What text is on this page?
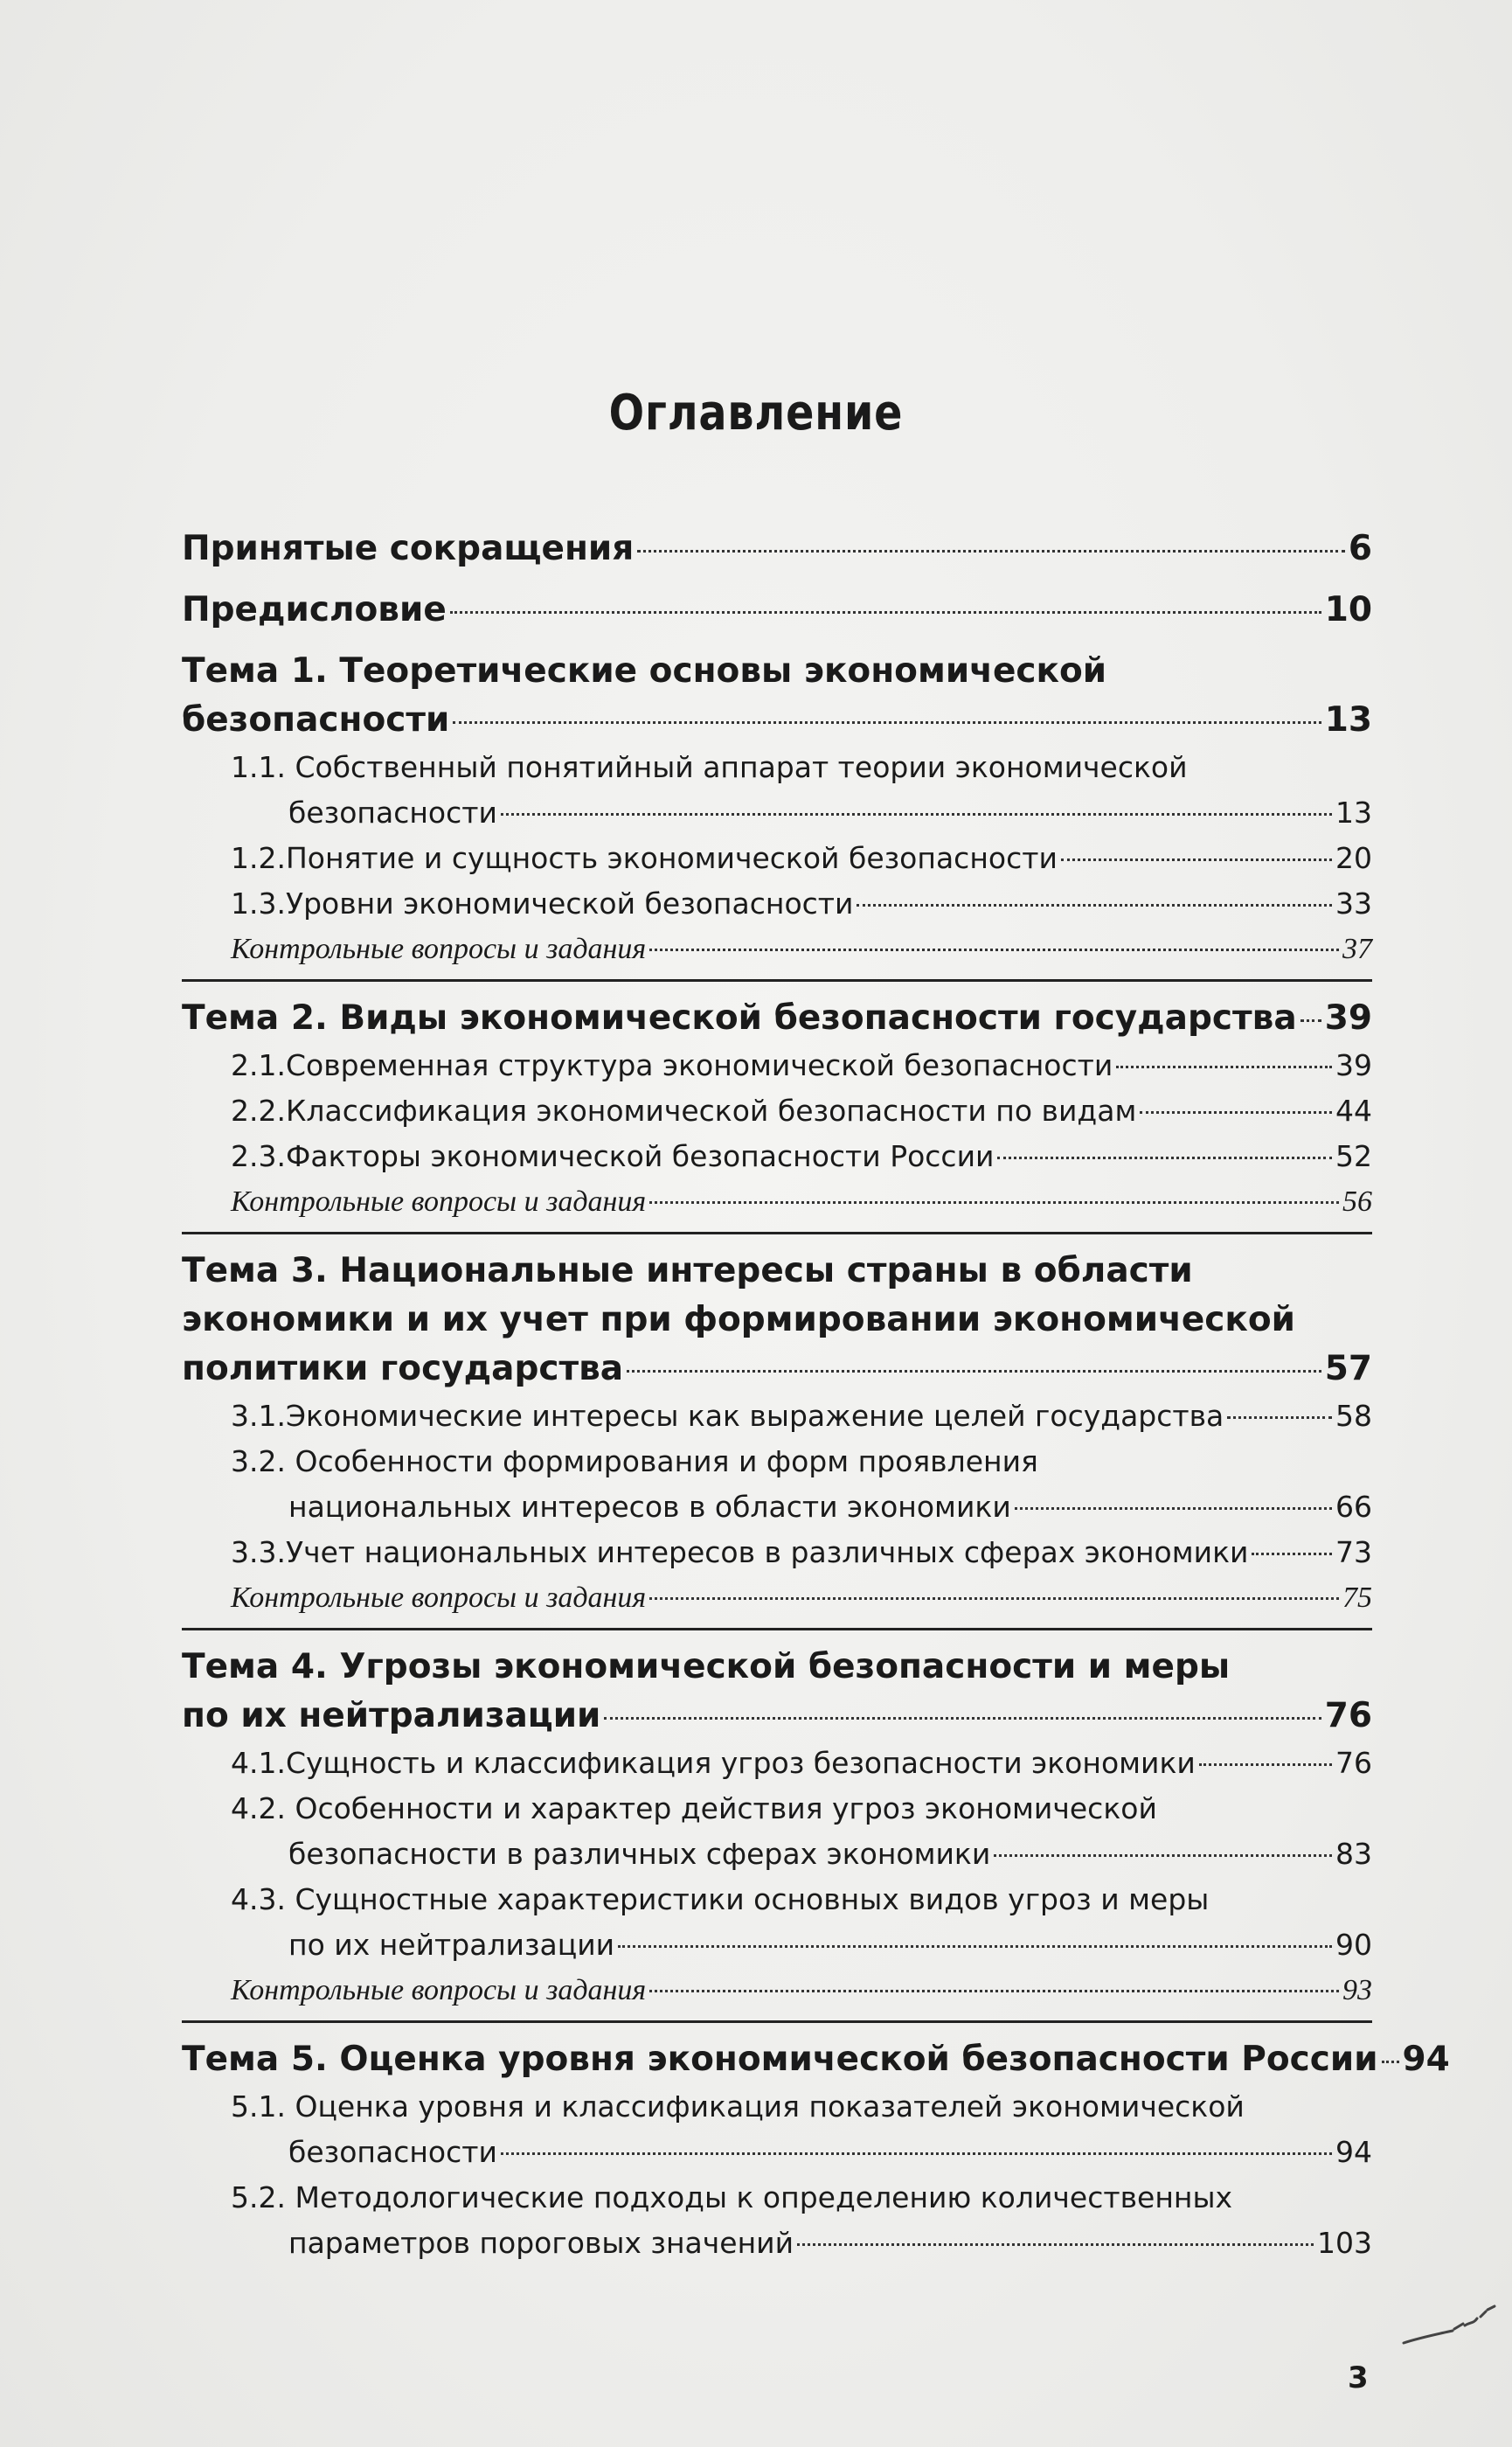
Оглавление
Принятые сокращения	6
Предисловие	10
Тема 1. Теоретические основы экономической
безопасности	13
1.1. Собственный понятийный аппарат теории экономической
безопасности	13
1.2. Понятие и сущность экономической безопасности	20
1.3. Уровни экономической безопасности	33
Контрольные вопросы и задания	37
Тема 2. Виды экономической безопасности государства 39
2.1. Современная структура экономической безопасности	39
2.2. Классификация экономической безопасности по видам	44
2.3. Факторы экономической безопасности России	52
Контрольные вопросы и задания	56
Тема 3. Национальные интересы страны в области
экономики и их учет при формировании экономической
политики государства	57
3.1. Экономические интересы как выражение целей государства	58
3.2. Особенности формирования и форм проявления
национальных интересов в области экономики	66
3.3. Учет национальных интересов в различных сферах экономики	73
Контрольные вопросы и задания	75
Тема 4. Угрозы экономической безопасности и меры
по их нейтрализации	76
4.1. Сущность и классификация угроз безопасности экономики	76
4.2. Особенности и характер действия угроз экономической
безопасности в различных сферах экономики	83
4.3. Сущностные характеристики основных видов угроз и меры
по их нейтрализации	90
Контрольные вопросы и задания	93
Тема 5. Оценка уровня экономической безопасности России 94
5.1. Оценка уровня и классификация показателей экономической
безопасности	94
5.2. Методологические подходы к определению количественных
параметров пороговых значений	103
3
